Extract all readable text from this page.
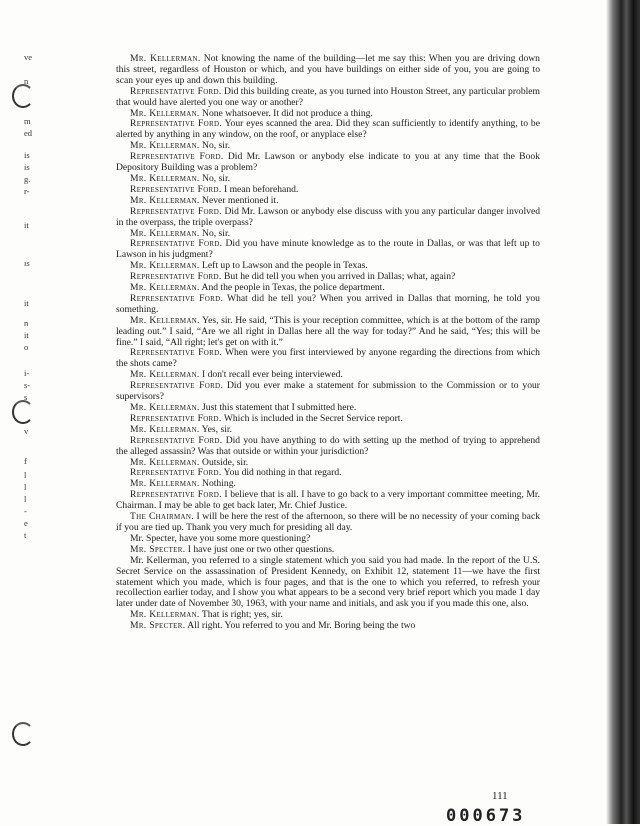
ve
n
m
ed
is
is
g.
r-
it
ıs
it
n
it
o
i-
s-
s
v
f
l
l
l
-
e
t

Mr. Kellerman. Not knowing the name of the building—let me say this: When you are driving down this street, regardless of Houston or which, and you have buildings on either side of you, you are going to scan your eyes up and down this building.

Representative Ford. Did this building create, as you turned into Houston Street, any particular problem that would have alerted you one way or another?

Mr. Kellerman. None whatsoever. It did not produce a thing.

Representative Ford. Your eyes scanned the area. Did they scan sufficiently to identify anything, to be alerted by anything in any window, on the roof, or anyplace else?

Mr. Kellerman. No, sir.

Representative Ford. Did Mr. Lawson or anybody else indicate to you at any time that the Book Depository Building was a problem?

Mr. Kellerman. No, sir.

Representative Ford. I mean beforehand.

Mr. Kellerman. Never mentioned it.

Representative Ford. Did Mr. Lawson or anybody else discuss with you any particular danger involved in the overpass, the triple overpass?

Mr. Kellerman. No, sir.

Representative Ford. Did you have minute knowledge as to the route in Dallas, or was that left up to Lawson in his judgment?

Mr. Kellerman. Left up to Lawson and the people in Texas.

Representative Ford. But he did tell you when you arrived in Dallas; what, again?

Mr. Kellerman. And the people in Texas, the police department.

Representative Ford. What did he tell you? When you arrived in Dallas that morning, he told you something.

Mr. Kellerman. Yes, sir. He said, “This is your reception committee, which is at the bottom of the ramp leading out.” I said, “Are we all right in Dallas here all the way for today?” And he said, “Yes; this will be fine.” I said, “All right; let's get on with it.”

Representative Ford. When were you first interviewed by anyone regarding the directions from which the shots came?

Mr. Kellerman. I don't recall ever being interviewed.

Representative Ford. Did you ever make a statement for submission to the Commission or to your supervisors?

Mr. Kellerman. Just this statement that I submitted here.

Representative Ford. Which is included in the Secret Service report.

Mr. Kellerman. Yes, sir.

Representative Ford. Did you have anything to do with setting up the method of trying to apprehend the alleged assassin? Was that outside or within your jurisdiction?

Mr. Kellerman. Outside, sir.

Representative Ford. You did nothing in that regard.

Mr. Kellerman. Nothing.

Representative Ford. I believe that is all. I have to go back to a very important committee meeting, Mr. Chairman. I may be able to get back later, Mr. Chief Justice.

The Chairman. I will be here the rest of the afternoon, so there will be no necessity of your coming back if you are tied up. Thank you very much for presiding all day.

Mr. Specter, have you some more questioning?

Mr. Specter. I have just one or two other questions.

Mr. Kellerman, you referred to a single statement which you said you had made. In the report of the U.S. Secret Service on the assassination of President Kennedy, on Exhibit 12, statement 11—we have the first statement which you made, which is four pages, and that is the one to which you referred, to refresh your recollection earlier today, and I show you what appears to be a second very brief report which you made 1 day later under date of November 30, 1963, with your name and initials, and ask you if you made this one, also.

Mr. Kellerman. That is right; yes, sir.

Mr. Specter. All right. You referred to you and Mr. Boring being the two

111
000673
